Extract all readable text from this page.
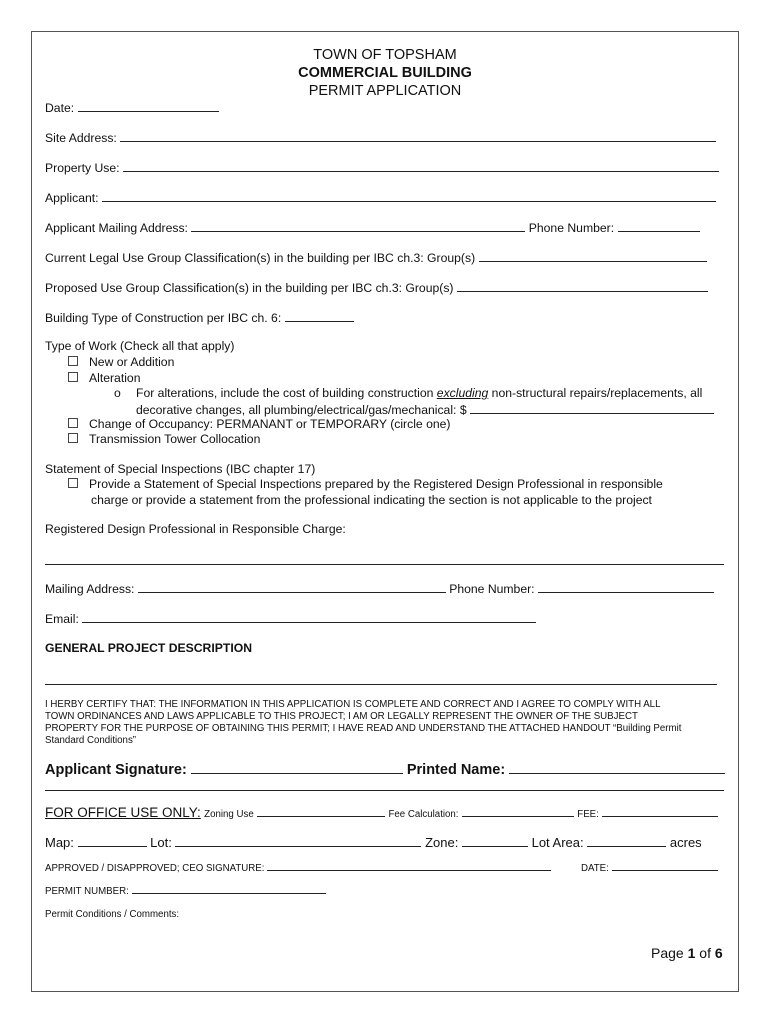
TOWN OF TOPSHAM
COMMERCIAL BUILDING
PERMIT APPLICATION
Date:
Site Address:
Property Use:
Applicant:
Applicant Mailing Address:	Phone Number:
Current Legal Use Group Classification(s) in the building per IBC ch.3: Group(s)
Proposed Use Group Classification(s) in the building per IBC ch.3: Group(s)
Building Type of Construction per IBC ch. 6:
Type of Work (Check all that apply)
New or Addition
Alteration
o For alterations, include the cost of building construction excluding non-structural repairs/replacements, all
decorative changes, all plumbing/electrical/gas/mechanical: $
Change of Occupancy: PERMANANT or TEMPORARY (circle one)
Transmission Tower Collocation
Statement of Special Inspections (IBC chapter 17)
Provide a Statement of Special Inspections prepared by the Registered Design Professional in responsible
charge or provide a statement from the professional indicating the section is not applicable to the project
Registered Design Professional in Responsible Charge:
Mailing Address:	Phone Number:
Email:
GENERAL PROJECT DESCRIPTION
I HERBY CERTIFY THAT: THE INFORMATION IN THIS APPLICATION IS COMPLETE AND CORRECT AND I AGREE TO COMPLY WITH ALL
TOWN ORDINANCES AND LAWS APPLICABLE TO THIS PROJECT; I AM OR LEGALLY REPRESENT THE OWNER OF THE SUBJECT
PROPERTY FOR THE PURPOSE OF OBTAINING THIS PERMIT; I HAVE READ AND UNDERSTAND THE ATTACHED HANDOUT “Building Permit
Standard Conditions”
Applicant Signature:	Printed Name:
FOR OFFICE USE ONLY: Zoning Use	Fee Calculation:	FEE:
Map:	Lot:	Zone:	Lot Area:	acres
APPROVED / DISAPPROVED; CEO SIGNATURE:	DATE:
PERMIT NUMBER:
Permit Conditions / Comments:
Page 1 of 6
